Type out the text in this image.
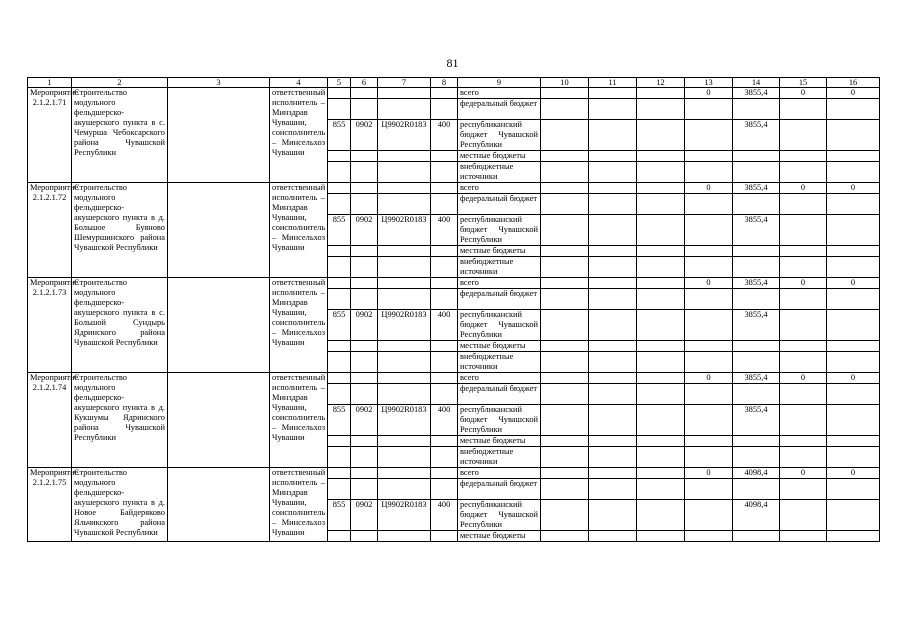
81
1	2	3	4	5	6	7	8	9	10	11	12	13	14	15	16
Мероприятие 2.1.2.1.71	Строительство модульного фельдшерско-акушерского пункта в с. Чемурша Чебоксарского района Чувашской Республики		ответственный исполнитель – Минздрав Чувашии, соисполнитель – Минсельхоз Чувашии					всего				0	3855,4	0	0
								федеральный бюджет							
				855	0902	Ц9902R0183	400	республиканский бюджет Чувашской Республики					3855,4		
								местные бюджеты							
								внебюджетные источники							
Мероприятие 2.1.2.1.72	Строительство модульного фельдшерско-акушерского пункта в д. Большое Буяново Шемуршинского района Чувашской Республики		ответственный исполнитель – Минздрав Чувашии, соисполнитель – Минсельхоз Чувашии					всего				0	3855,4	0	0
								федеральный бюджет							
				855	0902	Ц9902R0183	400	республиканский бюджет Чувашской Республики					3855,4		
								местные бюджеты							
								внебюджетные источники							
Мероприятие 2.1.2.1.73	Строительство модульного фельдшерско-акушерского пункта в с. Большой Сундырь Ядринского района Чувашской Республики		ответственный исполнитель – Минздрав Чувашии, соисполнитель – Минсельхоз Чувашии					всего				0	3855,4	0	0
								федеральный бюджет							
				855	0902	Ц9902R0183	400	республиканский бюджет Чувашской Республики					3855,4		
								местные бюджеты							
								внебюджетные источники							
Мероприятие 2.1.2.1.74	Строительство модульного фельдшерско-акушерского пункта в д. Кукшумы Ядринского района Чувашской Республики		ответственный исполнитель – Минздрав Чувашии, соисполнитель – Минсельхоз Чувашии					всего				0	3855,4	0	0
								федеральный бюджет							
				855	0902	Ц9902R0183	400	республиканский бюджет Чувашской Республики					3855,4		
								местные бюджеты							
								внебюджетные источники							
Мероприятие 2.1.2.1.75	Строительство модульного фельдшерско-акушерского пункта в д. Новое Байдеряково Яльчикского района Чувашской Республики		ответственный исполнитель – Минздрав Чувашии, соисполнитель – Минсельхоз Чувашии					всего				0	4098,4	0	0
								федеральный бюджет							
				855	0902	Ц9902R0183	400	республиканский бюджет Чувашской Республики					4098,4		
								местные бюджеты							
